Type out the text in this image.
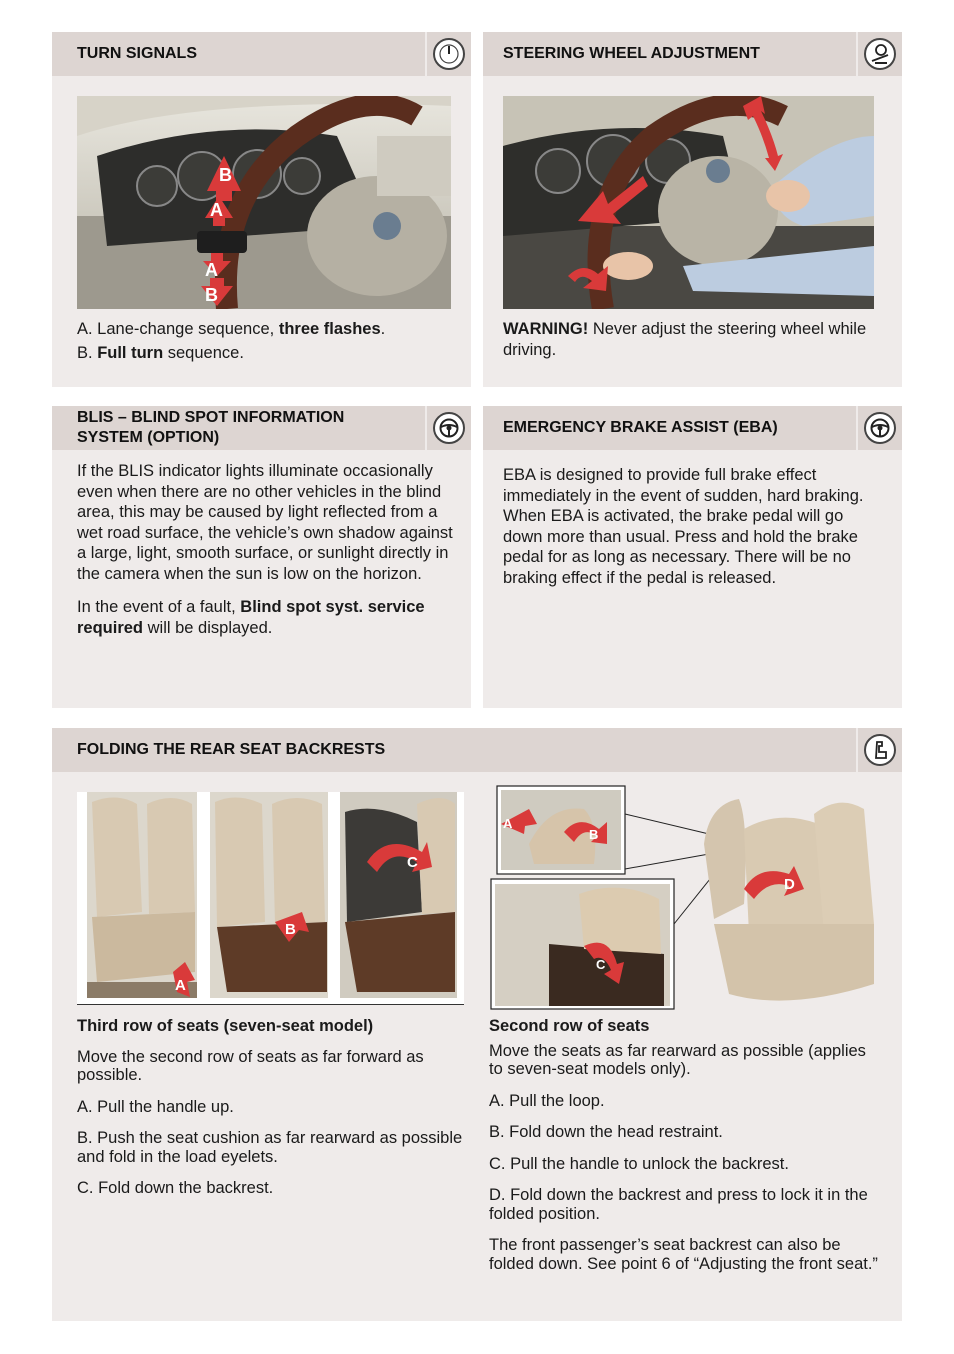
TURN SIGNALS
B
A
A
B
A. Lane-change sequence, three flashes.
B. Full turn sequence.
STEERING WHEEL ADJUSTMENT
WARNING! Never adjust the steering wheel while driving.
BLIS – BLIND SPOT INFORMATION
SYSTEM (OPTION)

If the BLIS indicator lights illuminate occasionally even when there are no other vehicles in the blind area, this may be caused by light reflected from a wet road surface, the vehicle’s own shadow against a large, light, smooth surface, or sunlight directly in the camera when the sun is low on the horizon.

In the event of a fault, Blind spot syst. service required will be displayed.

EMERGENCY BRAKE ASSIST (EBA)

EBA is designed to provide full brake effect immediately in the event of sudden, hard braking. When EBA is activated, the brake pedal will go down more than usual. Press and hold the brake pedal for as long as necessary. There will be no braking effect if the pedal is released.

FOLDING THE REAR SEAT BACKRESTS
A
B
C
A
B
C
D

Third row of seats (seven-seat model)

Move the second row of seats as far forward as possible.

A. Pull the handle up.

B. Push the seat cushion as far rearward as possible and fold in the load eyelets.

C. Fold down the backrest.

Second row of seats

Move the seats as far rearward as possible (applies to seven-seat models only).

A. Pull the loop.

B. Fold down the head restraint.

C. Pull the handle to unlock the backrest.

D. Fold down the backrest and press to lock it in the folded position.

The front passenger’s seat backrest can also be folded down. See point 6 of “Adjusting the front seat.”
